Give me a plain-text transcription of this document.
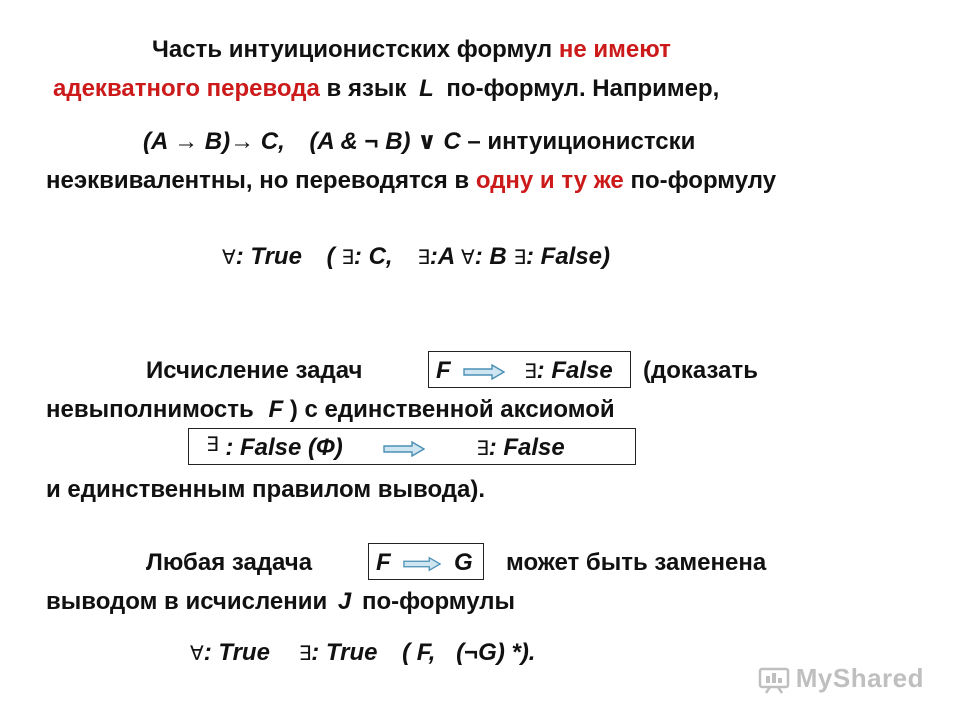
Часть интуиционистских формул не имеют
адекватного перевода в язык L по-формул. Например,
(A → B)→ C, (A & ¬ B) ∨ C – интуиционистски
неэквивалентны, но переводятся в одну и ту же по-формулу
∀: True ( ∃: C, ∃:A ∀: B ∃: False)
Исчисление задач	F	∃: False (доказать
невыполнимость F ) с единственной аксиомой
∃ : False (Ф)	∃: False
и единственным правилом вывода).
Любая задача	F	G может быть заменена
выводом в исчислении J по-формулы
∀: True ∃: True ( F, (¬G) *).
MyShared
